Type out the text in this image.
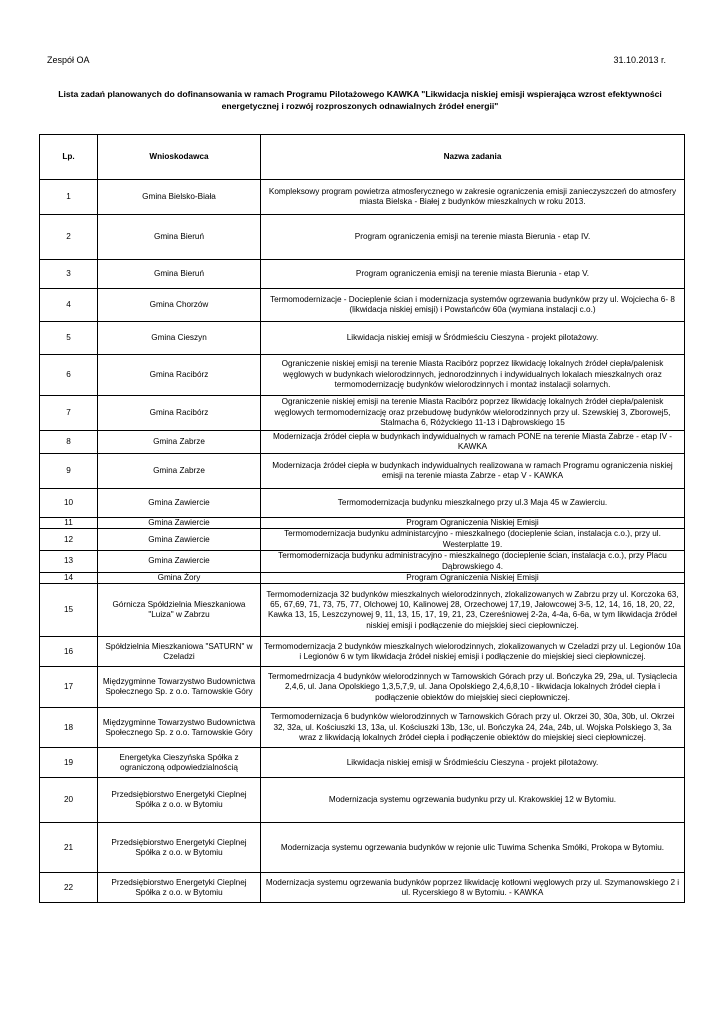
Zespół OA	31.10.2013 r.
Lista zadań planowanych do dofinansowania w ramach Programu Pilotażowego KAWKA "Likwidacja niskiej emisji wspierająca wzrost efektywności energetycznej i rozwój rozproszonych odnawialnych źródeł energii"
Lp.	Wnioskodawca	Nazwa zadania
1	Gmina Bielsko-Biała	Kompleksowy program powietrza atmosferycznego w zakresie ograniczenia emisji zanieczyszczeń do atmosfery miasta Bielska - Białej z budynków mieszkalnych w roku 2013.
2	Gmina Bieruń	Program ograniczenia emisji na terenie miasta Bierunia - etap IV.
3	Gmina Bieruń	Program ograniczenia emisji na terenie miasta Bierunia - etap V.
4	Gmina Chorzów	Termomodernizacje - Docieplenie ścian i modernizacja systemów ogrzewania budynków przy ul. Wojciecha 6- 8 (likwidacja niskiej emisji) i Powstańców 60a (wymiana instalacji c.o.)
5	Gmina Cieszyn	Likwidacja niskiej emisji w Śródmieściu Cieszyna - projekt pilotażowy.
6	Gmina Racibórz	Ograniczenie niskiej emisji na terenie Miasta Racibórz poprzez likwidację lokalnych źródeł ciepła/palenisk węglowych w budynkach wielorodzinnych, jednorodzinnych i indywidualnych lokalach mieszkalnych oraz termomodernizację budynków wielorodzinnych i montaż instalacji solarnych.
7	Gmina Racibórz	Ograniczenie niskiej emisji na terenie Miasta Racibórz poprzez likwidację lokalnych źródeł ciepła/palenisk węglowych termomodernizację oraz przebudowę budynków wielorodzinnych przy ul. Szewskiej 3, Zborowej5, Stalmacha 6, Różyckiego 11-13 i Dąbrowskiego 15
8	Gmina Zabrze	Modernizacja źródeł ciepła w budynkach indywidualnych w ramach PONE na terenie Miasta Zabrze - etap IV - KAWKA
9	Gmina Zabrze	Modernizacja źródeł ciepła w budynkach indywidualnych realizowana w ramach Programu ograniczenia niskiej emisji na terenie miasta Zabrze - etap V - KAWKA
10	Gmina Zawiercie	Termomodernizacja budynku mieszkalnego przy ul.3 Maja 45 w Zawierciu.
11	Gmina Zawiercie	Program Ograniczenia Niskiej Emisji
12	Gmina Zawiercie	Termomodernizacja budynku administarcyjno - mieszkalnego (docieplenie ścian, instalacja c.o.), przy ul. Westerplatte 19.
13	Gmina Zawiercie	Termomodernizacja budynku administracyjno - mieszkalnego (docieplenie ścian, instalacja c.o.), przy Placu Dąbrowskiego 4.
14	Gmina Żory	Program Ograniczenia Niskiej Emisji
15	Górnicza Spółdzielnia Mieszkaniowa "Luiza" w Zabrzu	Termomodernizacja 32 budynków mieszkalnych wielorodzinnych, zlokalizowanych w Zabrzu przy ul. Korczoka 63, 65, 67,69, 71, 73, 75, 77, Olchowej 10, Kalinowej 28, Orzechowej 17,19, Jałowcowej 3-5, 12, 14, 16, 18, 20, 22, Kawka 13, 15, Leszczynowej 9, 11, 13, 15, 17, 19, 21, 23, Czereśniowej 2-2a, 4-4a, 6-6a, w tym likwidacja źródeł niskiej emisji i podłączenie do miejskiej sieci ciepłowniczej.
16	Spółdzielnia Mieszkaniowa "SATURN" w Czeladzi	Termomodernizacja 2 budynków mieszkalnych wielorodzinnych, zlokalizowanych w Czeladzi przy ul. Legionów 10a i Legionów 6 w tym likwidacja źródeł niskiej emisji i podłączenie do miejskiej sieci ciepłowniczej.
17	Międzygminne Towarzystwo Budownictwa Społecznego Sp. z o.o. Tarnowskie Góry	Termomedrnizacja 4 budynków wielorodzinnych w Tarnowskich Górach przy ul. Bończyka 29, 29a, ul. Tysiąclecia 2,4,6, ul. Jana Opolskiego 1,3,5,7,9, ul. Jana Opolskiego 2,4,6,8,10 - likwidacja lokalnych źródeł ciepła i podłączenie obiektów do miejskiej sieci ciepłowniczej.
18	Międzygminne Towarzystwo Budownictwa Społecznego Sp. z o.o. Tarnowskie Góry	Termomodernizacja 6 budynków wielorodzinnych w Tarnowskich Górach przy ul. Okrzei 30, 30a, 30b, ul. Okrzei 32, 32a, ul. Kościuszki 13, 13a, ul. Kościuszki 13b, 13c, ul. Bończyka 24, 24a, 24b, ul. Wojska Polskiego 3, 3a wraz z likwidacją lokalnych źródeł ciepła i podłączenie obiektów do miejskiej sieci ciepłowniczej.
19	Energetyka Cieszyńska Spółka z ograniczoną odpowiedzialnością	Likwidacja niskiej emisji w Śródmieściu Cieszyna - projekt pilotażowy.
20	Przedsiębiorstwo Energetyki Cieplnej Spółka z o.o. w Bytomiu	Modernizacja systemu ogrzewania budynku przy ul. Krakowskiej 12 w Bytomiu.
21	Przedsiębiorstwo Energetyki Cieplnej Spółka z o.o. w Bytomiu	Modernizacja systemu ogrzewania budynków w rejonie ulic Tuwima Schenka Smółki, Prokopa w Bytomiu.
22	Przedsiębiorstwo Energetyki Cieplnej Spółka z o.o. w Bytomiu	Modernizacja systemu ogrzewania budynków poprzez likwidację kotłowni węglowych przy ul. Szymanowskiego 2 i ul. Rycerskiego 8 w Bytomiu. - KAWKA
